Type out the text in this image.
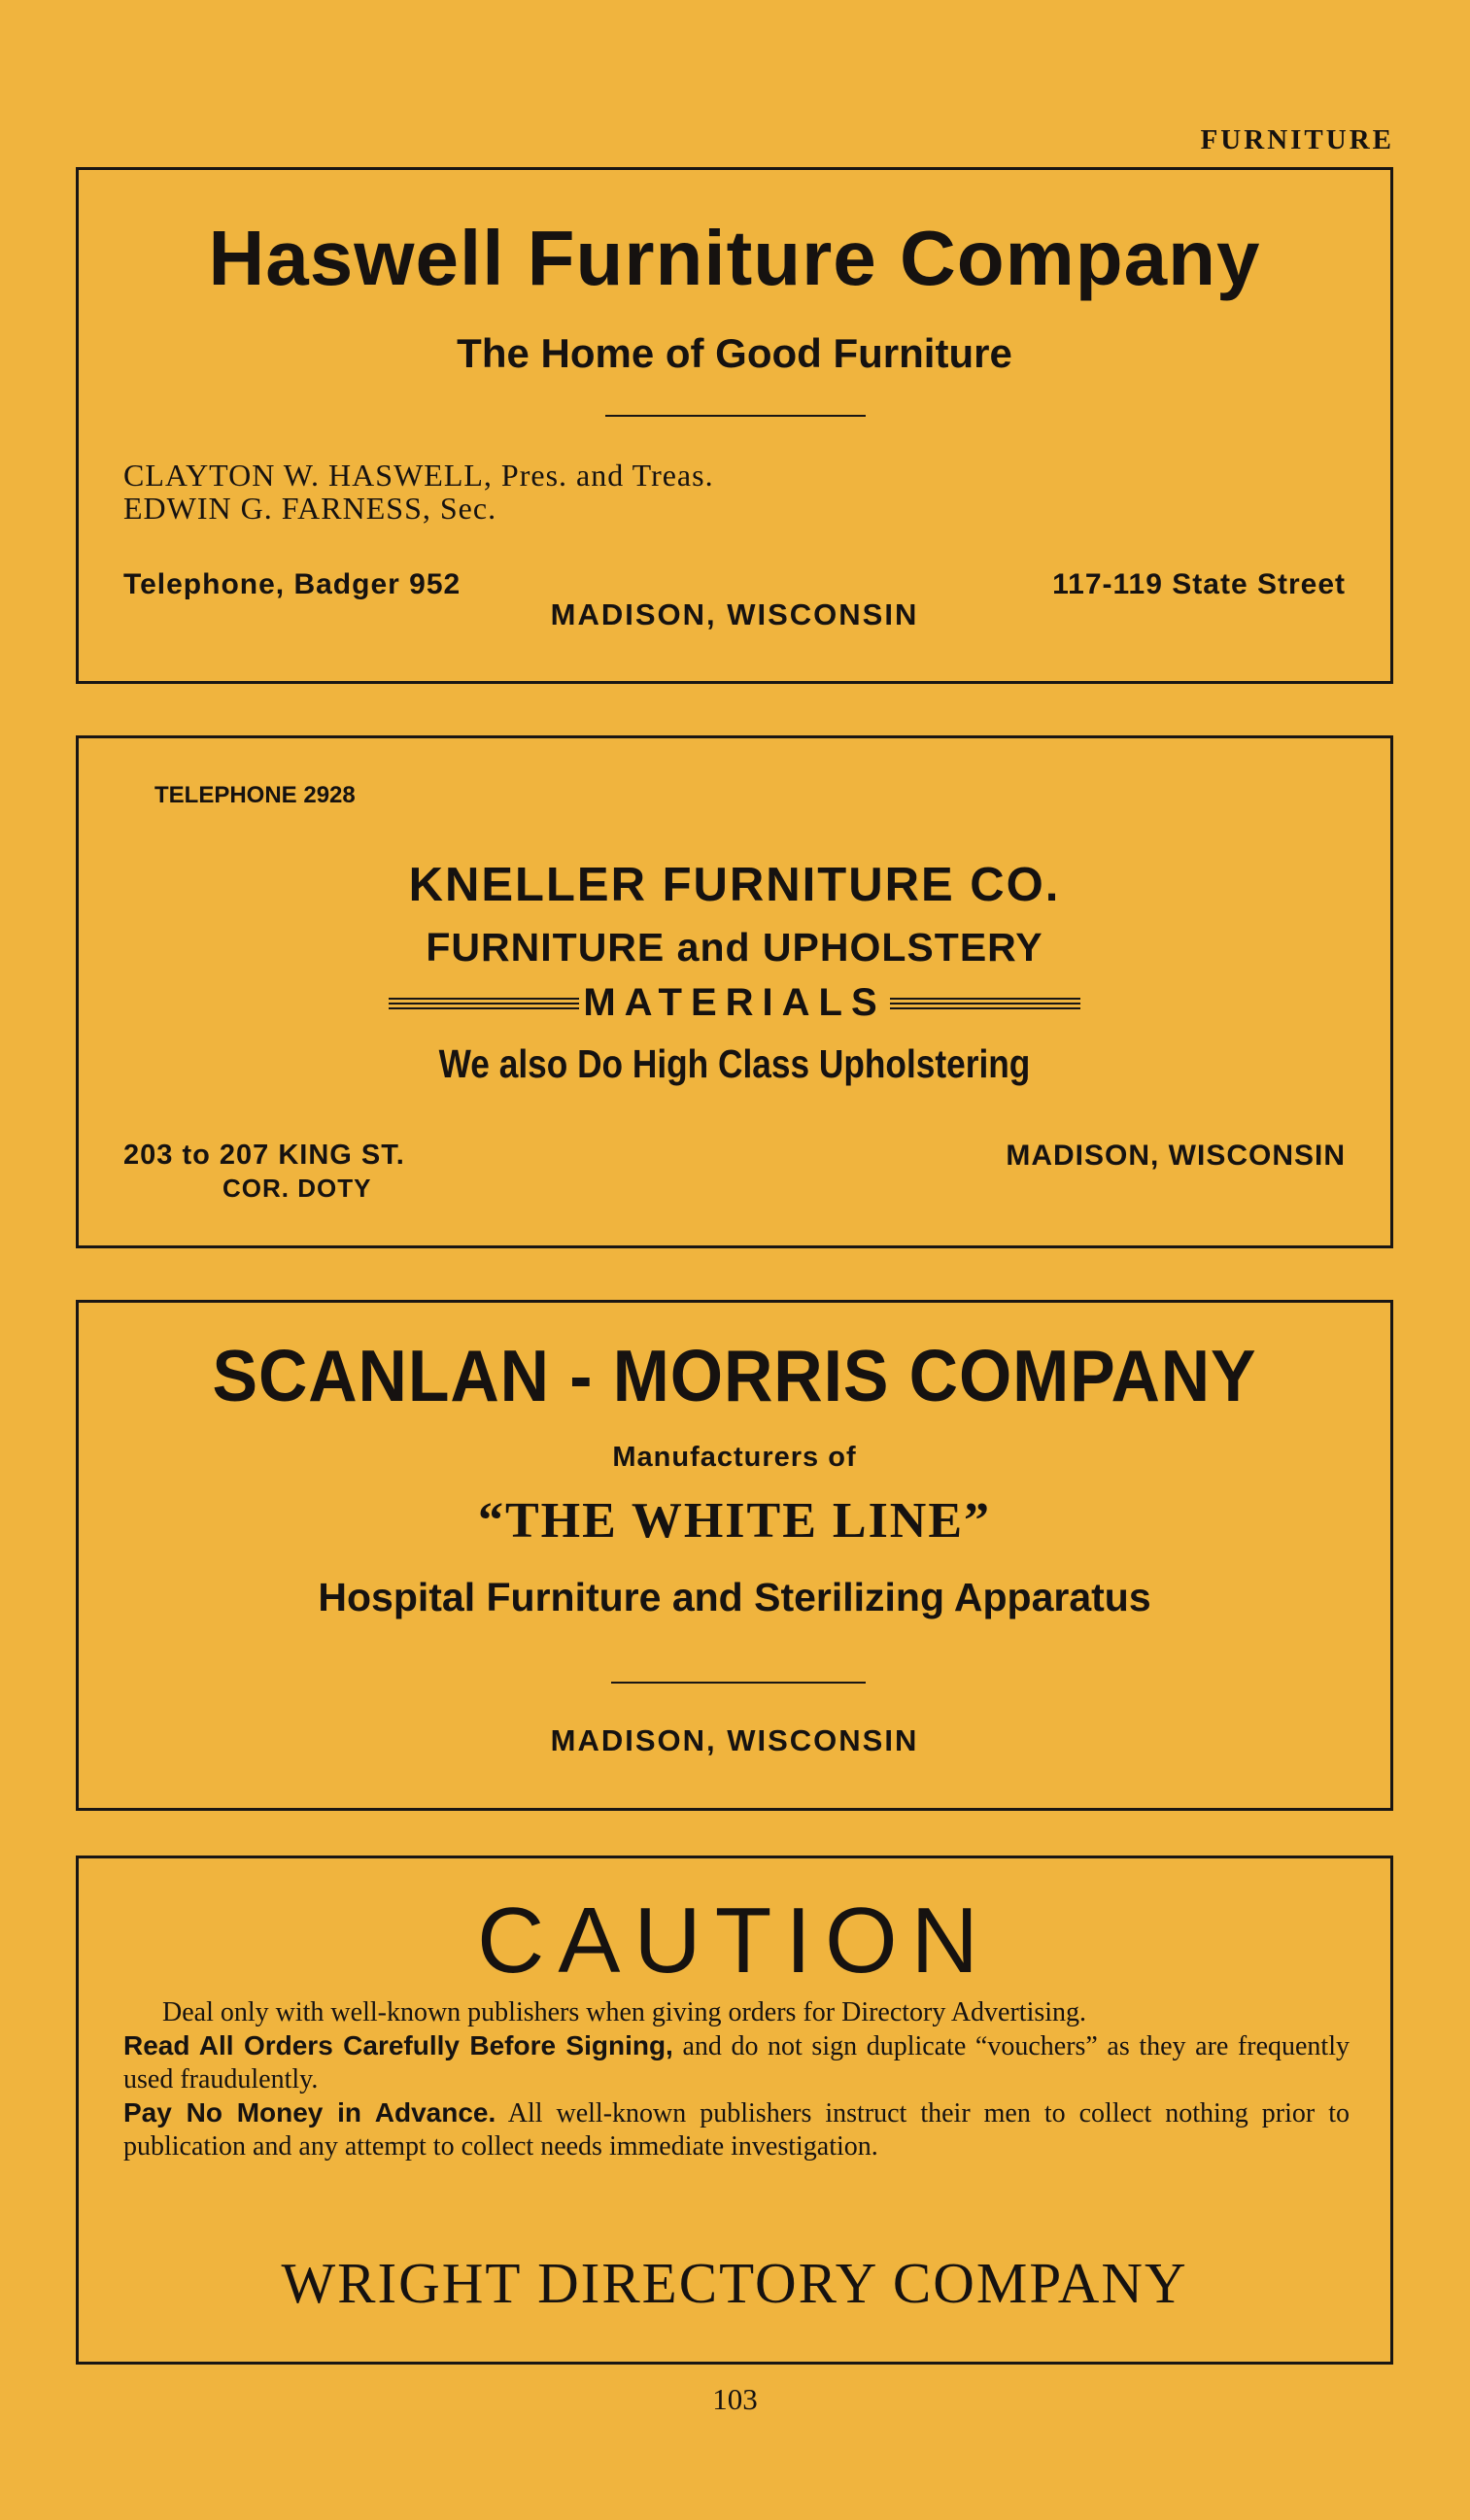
FURNITURE
Haswell Furniture Company
The Home of Good Furniture
CLAYTON W. HASWELL, Pres. and Treas.
EDWIN G. FARNESS, Sec.
Telephone, Badger 952	117-119 State Street
MADISON, WISCONSIN
TELEPHONE 2928
KNELLER FURNITURE CO.
FURNITURE and UPHOLSTERY
MATERIALS
We also Do High Class Upholstering
203 to 207 KING ST.
COR. DOTY
MADISON, WISCONSIN
SCANLAN - MORRIS COMPANY
Manufacturers of
“THE WHITE LINE”
Hospital Furniture and Sterilizing Apparatus
MADISON, WISCONSIN
CAUTION

Deal only with well-known publishers when giving orders for Directory Advertising.

Read All Orders Carefully Before Signing, and do not sign duplicate “vouchers” as they are frequently used fraudulently.

Pay No Money in Advance. All well-known publishers instruct their men to collect nothing prior to publication and any attempt to collect needs immediate investigation.

WRIGHT DIRECTORY COMPANY
103
